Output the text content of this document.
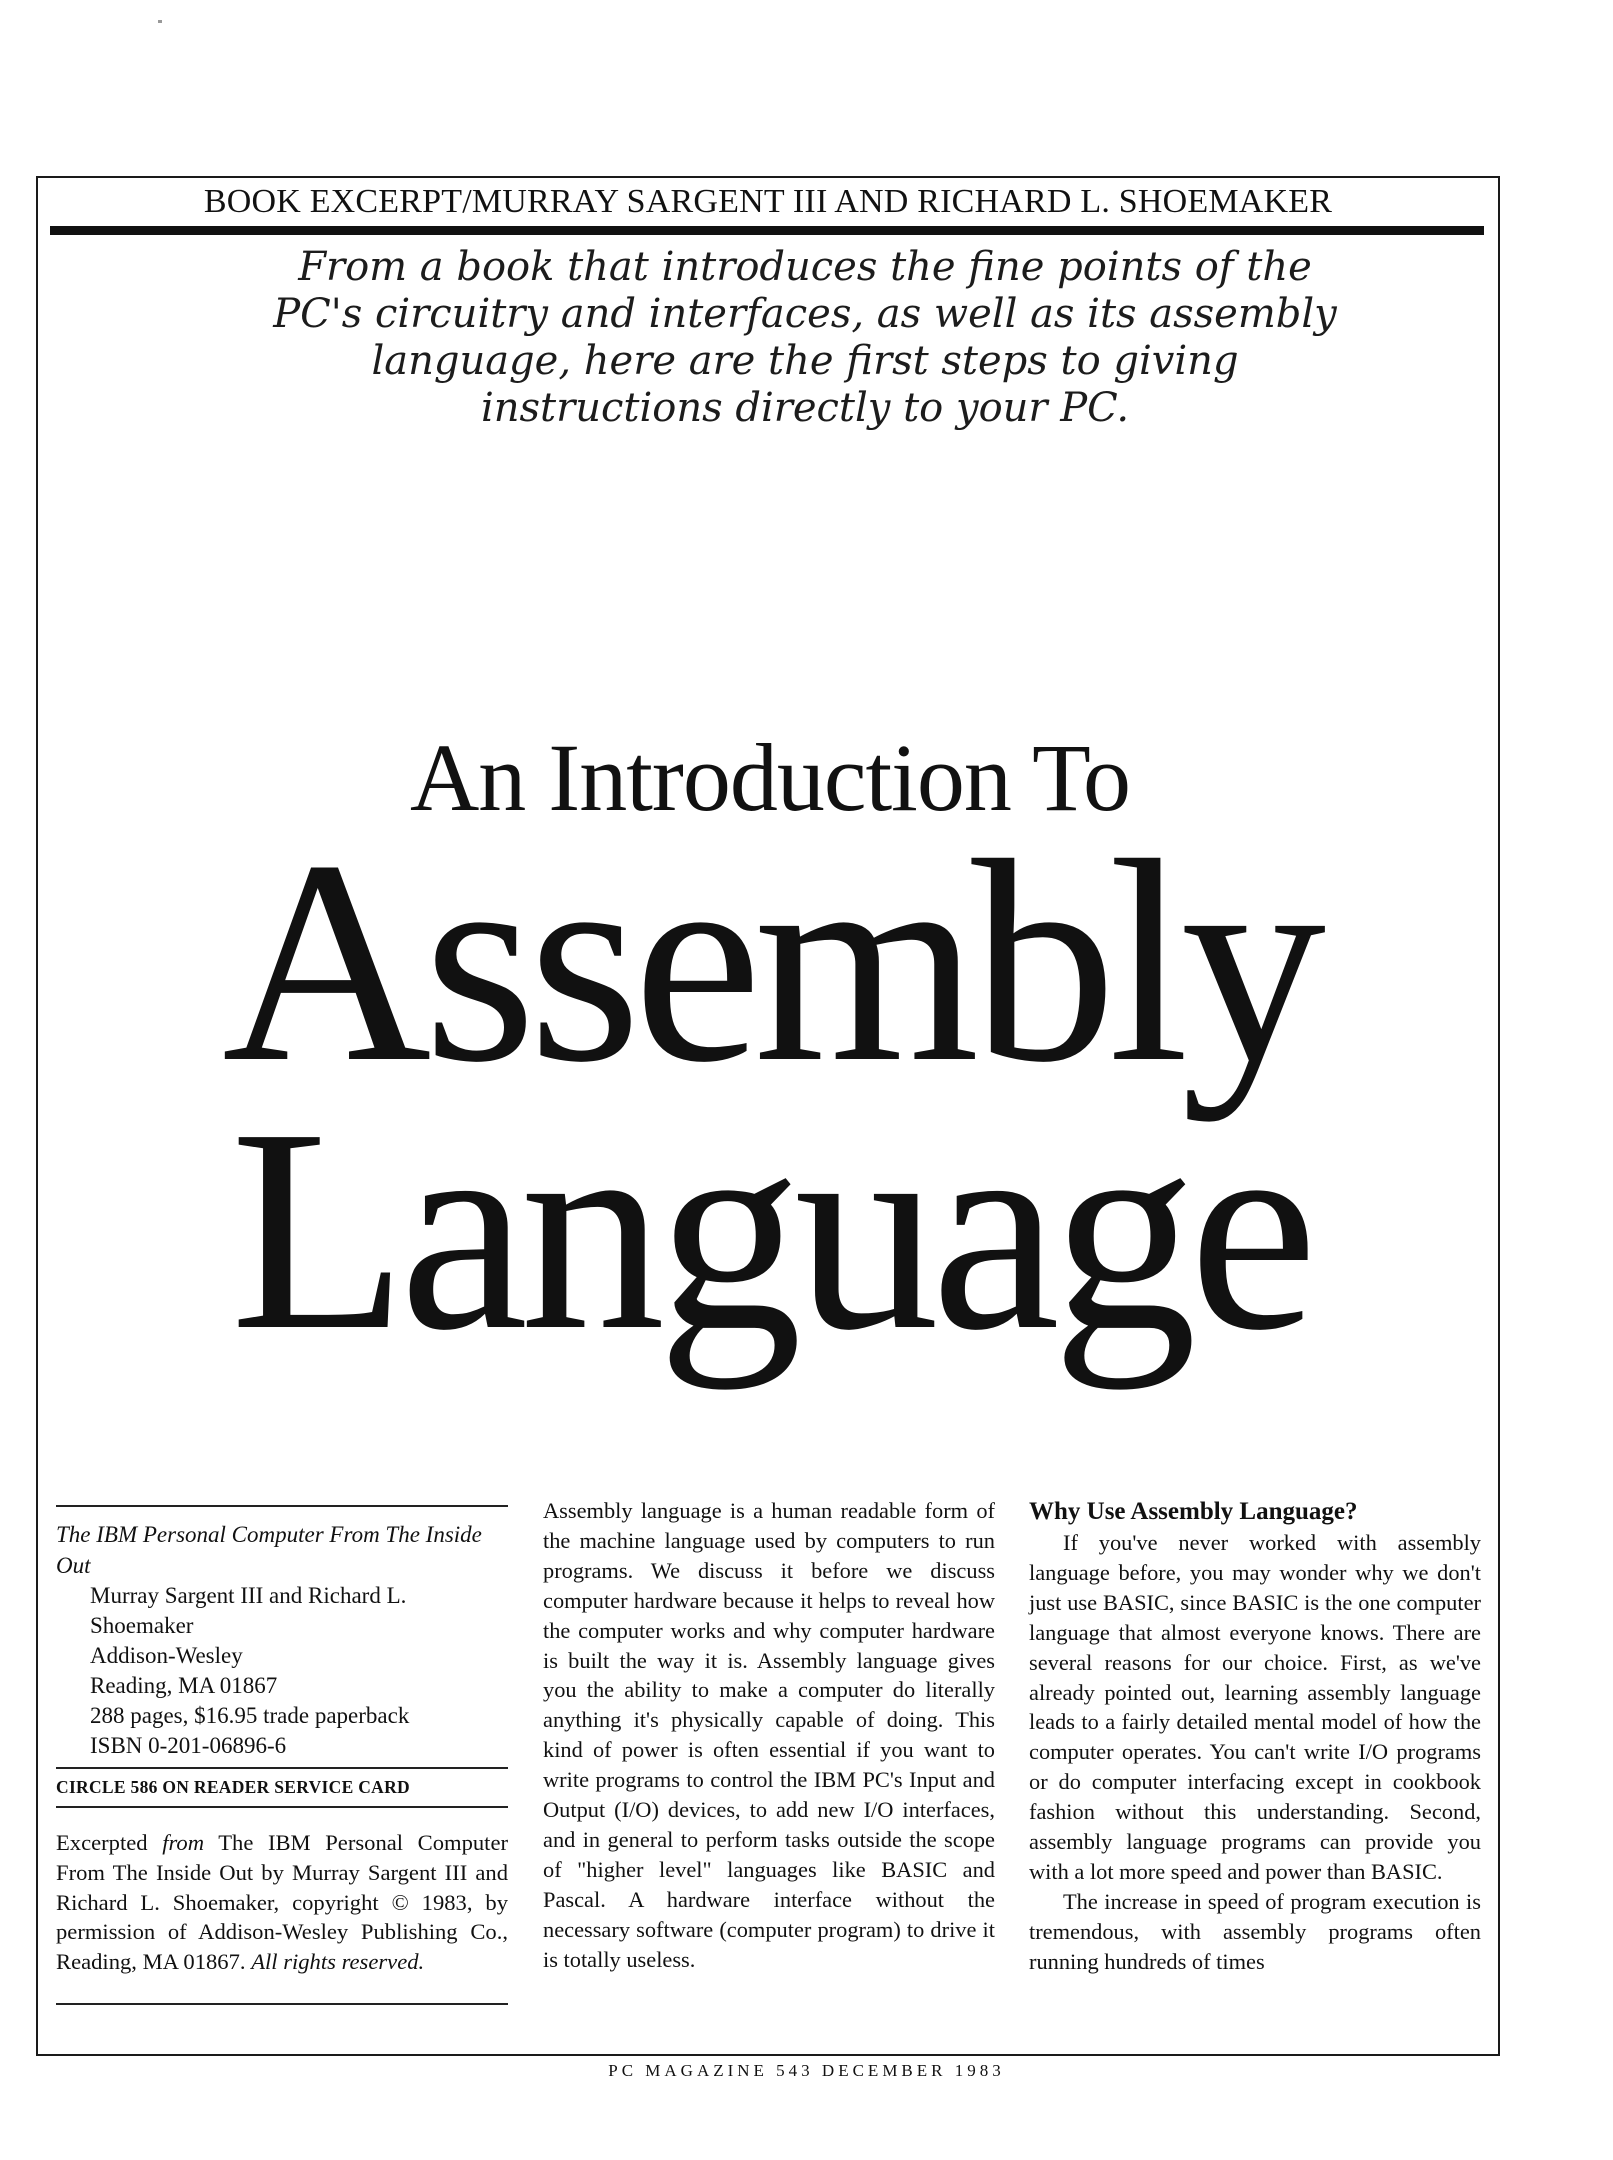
BOOK EXCERPT/MURRAY SARGENT III AND RICHARD L. SHOEMAKER
From a book that introduces the fine points of the
PC's circuitry and interfaces, as well as its assembly
language, here are the first steps to giving
instructions directly to your PC.
An Introduction To
Assembly
Language
The IBM Personal Computer From The Inside Out
Murray Sargent III and Richard L.
Shoemaker
Addison-Wesley
Reading, MA 01867
288 pages, $16.95 trade paperback
ISBN 0-201-06896-6
CIRCLE 586 ON READER SERVICE CARD
Excerpted from The IBM Personal Computer From The Inside Out by Murray Sargent III and Richard L. Shoemaker, copyright © 1983, by permission of Addison-Wesley Publishing Co., Reading, MA 01867. All rights reserved.

Assembly language is a human readable form of the machine language used by computers to run programs. We discuss it before we discuss computer hardware because it helps to reveal how the computer works and why computer hardware is built the way it is. Assembly language gives you the ability to make a computer do literally anything it's physically capable of doing. This kind of power is often essential if you want to write programs to control the IBM PC's Input and Output (I/O) devices, to add new I/O interfaces, and in general to perform tasks outside the scope of "higher level" languages like BASIC and Pascal. A hardware interface without the necessary software (computer program) to drive it is totally useless.

Why Use Assembly Language?

If you've never worked with assembly language before, you may wonder why we don't just use BASIC, since BASIC is the one computer language that almost everyone knows. There are several reasons for our choice. First, as we've already pointed out, learning assembly language leads to a fairly detailed mental model of how the computer operates. You can't write I/O programs or do computer interfacing except in cookbook fashion without this understanding. Second, assembly language programs can provide you with a lot more speed and power than BASIC.

The increase in speed of program execution is tremendous, with assembly programs often running hundreds of times

PC MAGAZINE 543 DECEMBER 1983
